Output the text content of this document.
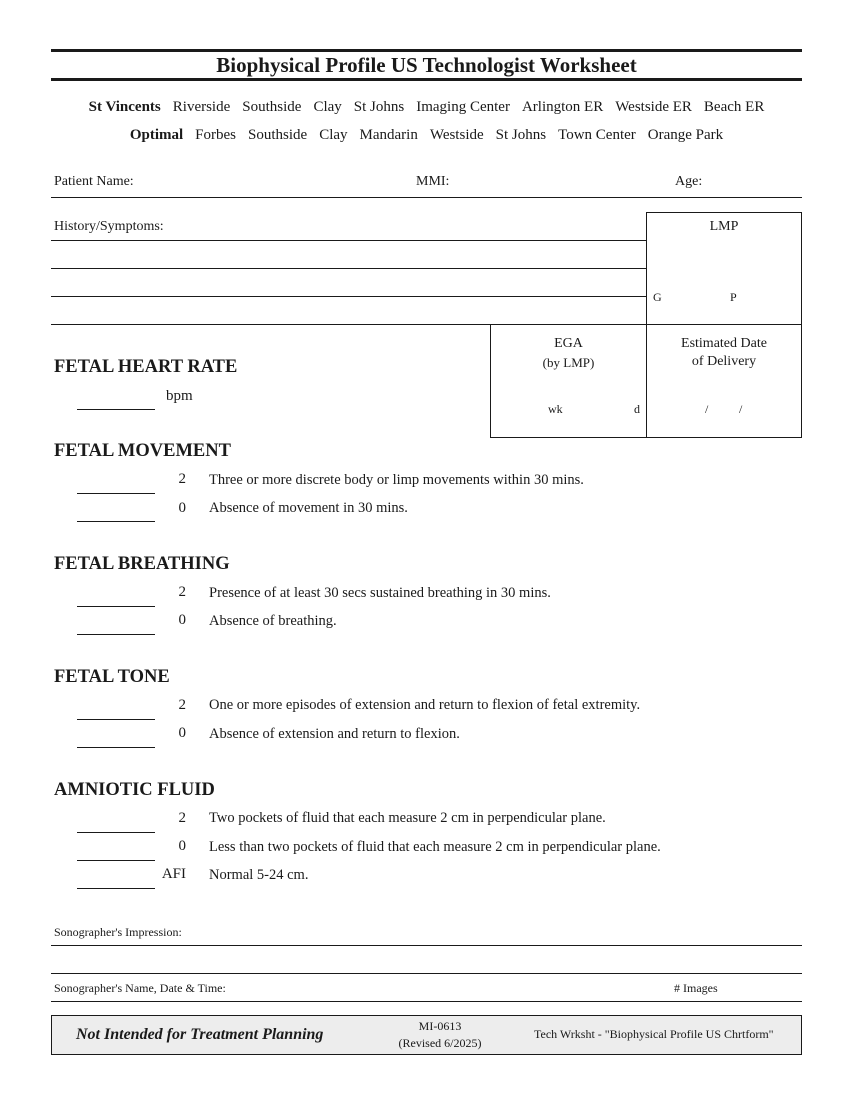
Biophysical Profile US Technologist Worksheet
St Vincents Riverside Southside Clay St Johns Imaging Center Arlington ER Westside ER Beach ER
Optimal Forbes Southside Clay Mandarin Westside St Johns Town Center Orange Park
Patient Name:	MMI:	Age:
History/Symptoms:	LMP
G	P
EGA
(by LMP)
wk	d
Estimated Date
of Delivery
/	/
FETAL HEART RATE
bpm
FETAL MOVEMENT
2 Three or more discrete body or limp movements within 30 mins.
0 Absence of movement in 30 mins.
FETAL BREATHING
2 Presence of at least 30 secs sustained breathing in 30 mins.
0 Absence of breathing.
FETAL TONE
2 One or more episodes of extension and return to flexion of fetal extremity.
0 Absence of extension and return to flexion.
AMNIOTIC FLUID
2 Two pockets of fluid that each measure 2 cm in perpendicular plane.
0 Less than two pockets of fluid that each measure 2 cm in perpendicular plane.
AFI Normal 5-24 cm.
Sonographer's Impression:
Sonographer's Name, Date & Time:	# Images
Not Intended for Treatment Planning	MI-0613
(Revised 6/2025)
Tech Wrksht - "Biophysical Profile US Chrtform"
